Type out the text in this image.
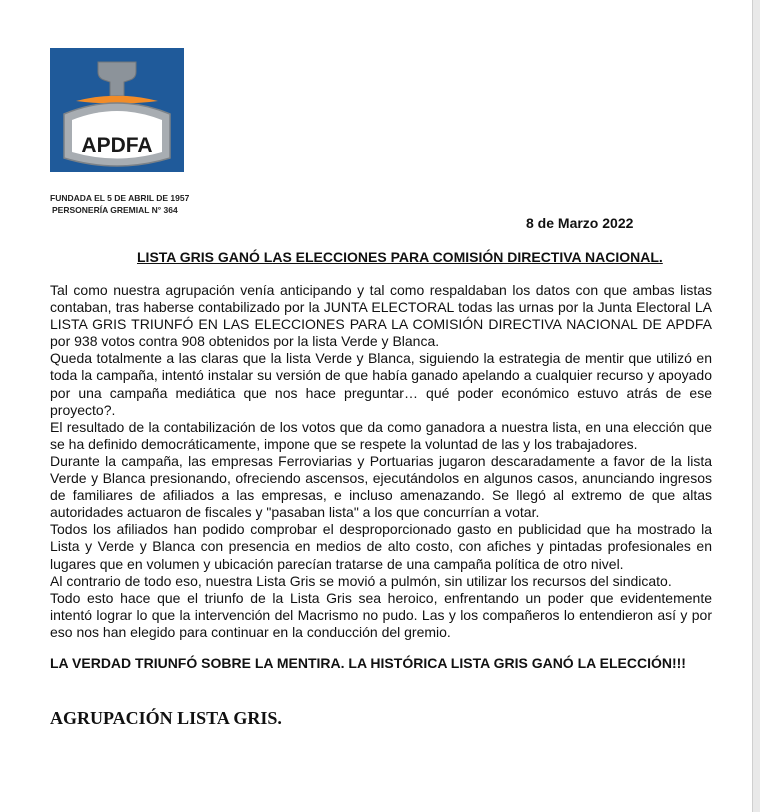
APDFA
FUNDADA EL 5 DE ABRIL DE 1957
PERSONERÍA GREMIAL N° 364
8 de Marzo 2022
LISTA GRIS GANÓ LAS ELECCIONES PARA COMISIÓN DIRECTIVA NACIONAL.

Tal como nuestra agrupación venía anticipando y tal como respaldaban los datos con que ambas listas contaban, tras haberse contabilizado por la JUNTA ELECTORAL todas las urnas por la Junta Electoral LA LISTA GRIS TRIUNFÓ EN LAS ELECCIONES PARA LA COMISIÓN DIRECTIVA NACIONAL DE APDFA por 938 votos contra 908 obtenidos por la lista Verde y Blanca.

Queda totalmente a las claras que la lista Verde y Blanca, siguiendo la estrategia de mentir que utilizó en toda la campaña, intentó instalar su versión de que había ganado apelando a cualquier recurso y apoyado por una campaña mediática que nos hace preguntar… qué poder económico estuvo atrás de ese proyecto?.

El resultado de la contabilización de los votos que da como ganadora a nuestra lista, en una elección que se ha definido democráticamente, impone que se respete la voluntad de las y los trabajadores.

Durante la campaña, las empresas Ferroviarias y Portuarias jugaron descaradamente a favor de la lista Verde y Blanca presionando, ofreciendo ascensos, ejecutándolos en algunos casos, anunciando ingresos de familiares de afiliados a las empresas, e incluso amenazando. Se llegó al extremo de que altas autoridades actuaron de fiscales y "pasaban lista" a los que concurrían a votar.

Todos los afiliados han podido comprobar el desproporcionado gasto en publicidad que ha mostrado la Lista y Verde y Blanca con presencia en medios de alto costo, con afiches y pintadas profesionales en lugares que en volumen y ubicación parecían tratarse de una campaña política de otro nivel.

Al contrario de todo eso, nuestra Lista Gris se movió a pulmón, sin utilizar los recursos del sindicato.

Todo esto hace que el triunfo de la Lista Gris sea heroico, enfrentando un poder que evidentemente intentó lograr lo que la intervención del Macrismo no pudo. Las y los compañeros lo entendieron así y por eso nos han elegido para continuar en la conducción del gremio.

LA VERDAD TRIUNFÓ SOBRE LA MENTIRA. LA HISTÓRICA LISTA GRIS GANÓ LA ELECCIÓN!!!
AGRUPACIÓN LISTA GRIS.
